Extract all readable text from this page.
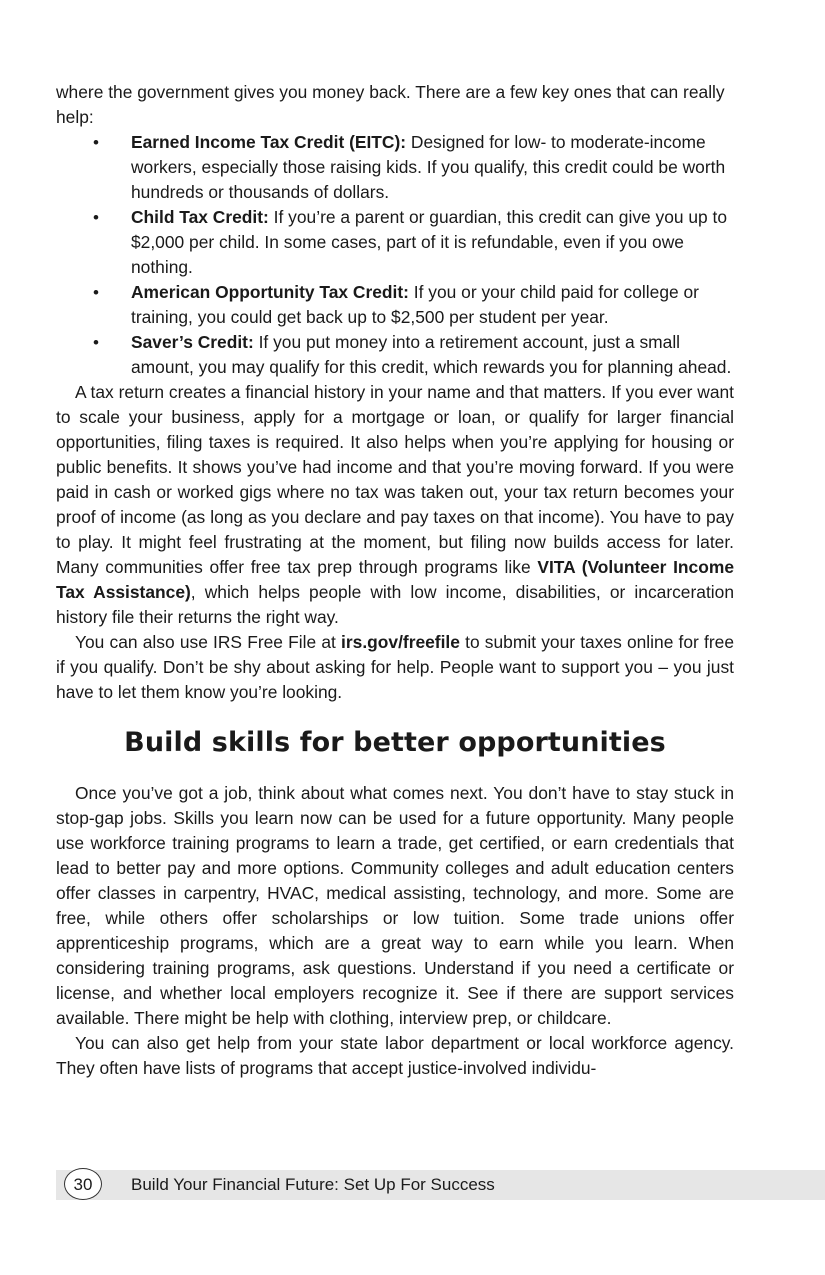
where the government gives you money back. There are a few key ones that can really help:

• Earned Income Tax Credit (EITC): Designed for low- to moderate-income workers, especially those raising kids. If you qualify, this credit could be worth hundreds or thousands of dollars.
• Child Tax Credit: If you’re a parent or guardian, this credit can give you up to $2,000 per child. In some cases, part of it is refundable, even if you owe nothing.
• American Opportunity Tax Credit: If you or your child paid for college or training, you could get back up to $2,500 per student per year.
• Saver’s Credit: If you put money into a retirement account, just a small amount, you may qualify for this credit, which rewards you for planning ahead.

A tax return creates a financial history in your name and that matters. If you ever want to scale your business, apply for a mortgage or loan, or qualify for larger financial opportunities, filing taxes is required. It also helps when you’re applying for housing or public benefits. It shows you’ve had income and that you’re moving forward. If you were paid in cash or worked gigs where no tax was taken out, your tax return becomes your proof of income (as long as you declare and pay taxes on that income). You have to pay to play. It might feel frustrating at the moment, but filing now builds access for later. Many communities offer free tax prep through programs like VITA (Volunteer Income Tax Assistance), which helps people with low income, disabilities, or incarceration history file their returns the right way.

You can also use IRS Free File at irs.gov/freefile to submit your taxes online for free if you qualify. Don’t be shy about asking for help. People want to support you – you just have to let them know you’re looking.

Build skills for better opportunities

Once you’ve got a job, think about what comes next. You don’t have to stay stuck in stop-gap jobs. Skills you learn now can be used for a future opportunity. Many people use workforce training programs to learn a trade, get certified, or earn credentials that lead to better pay and more options. Community colleges and adult education centers offer classes in carpentry, HVAC, medical assisting, technology, and more. Some are free, while others offer scholarships or low tuition. Some trade unions offer apprenticeship programs, which are a great way to earn while you learn. When considering training programs, ask questions. Understand if you need a certificate or license, and whether local employers recognize it. See if there are support services available. There might be help with clothing, interview prep, or childcare.

You can also get help from your state labor department or local workforce agency. They often have lists of programs that accept justice-involved individu-

30	Build Your Financial Future: Set Up For Success
